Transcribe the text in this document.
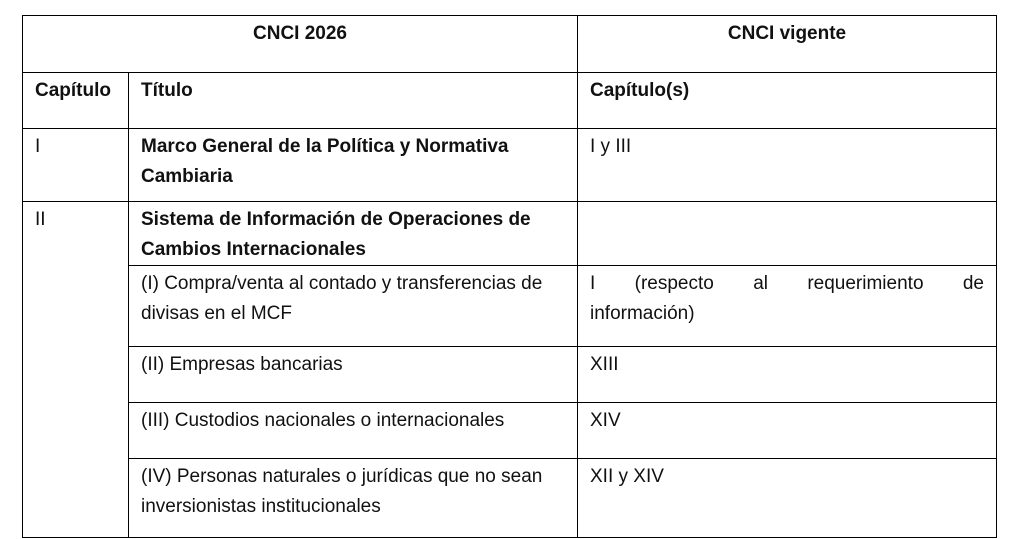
CNCI 2026		CNCI vigente
Capítulo	Título	Capítulo(s)
I	Marco General de la Política y Normativa Cambiaria	I y III
II	Sistema de Información de Operaciones de Cambios Internacionales	
	(I) Compra/venta al contado y transferencias de divisas en el MCF	I (respecto al requerimiento de
información)

	(II) Empresas bancarias	XIII
	(III) Custodios nacionales o internacionales	XIV
	(IV) Personas naturales o jurídicas que no sean inversionistas institucionales	XII y XIV
